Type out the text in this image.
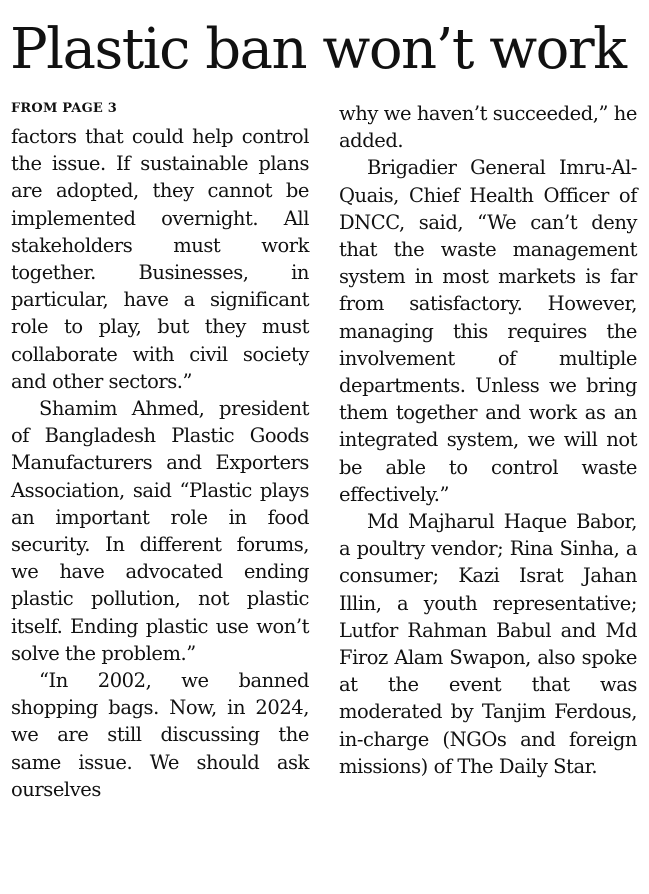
Plastic ban won’t work
FROM PAGE 3

factors that could help control the issue. If sustainable plans are adopted, they cannot be implemented overnight. All stakeholders must work together. Businesses, in particular, have a significant role to play, but they must collaborate with civil society and other sectors.”

Shamim Ahmed, president of Bangladesh Plastic Goods Manufacturers and Exporters Association, said “Plastic plays an important role in food security. In different forums, we have advocated ending plastic pollution, not plastic itself. Ending plastic use won’t solve the problem.”

“In 2002, we banned shopping bags. Now, in 2024, we are still discussing the same issue. We should ask ourselves

why we haven’t succeeded,” he added.

Brigadier General Imru-Al-Quais, Chief Health Officer of DNCC, said, “We can’t deny that the waste management system in most markets is far from satisfactory. However, managing this requires the involvement of multiple departments. Unless we bring them together and work as an integrated system, we will not be able to control waste effectively.”

Md Majharul Haque Babor, a poultry vendor; Rina Sinha, a consumer; Kazi Israt Jahan Illin, a youth representative; Lutfor Rahman Babul and Md Firoz Alam Swapon, also spoke at the event that was moderated by Tanjim Ferdous, in-charge (NGOs and foreign missions) of The Daily Star.
